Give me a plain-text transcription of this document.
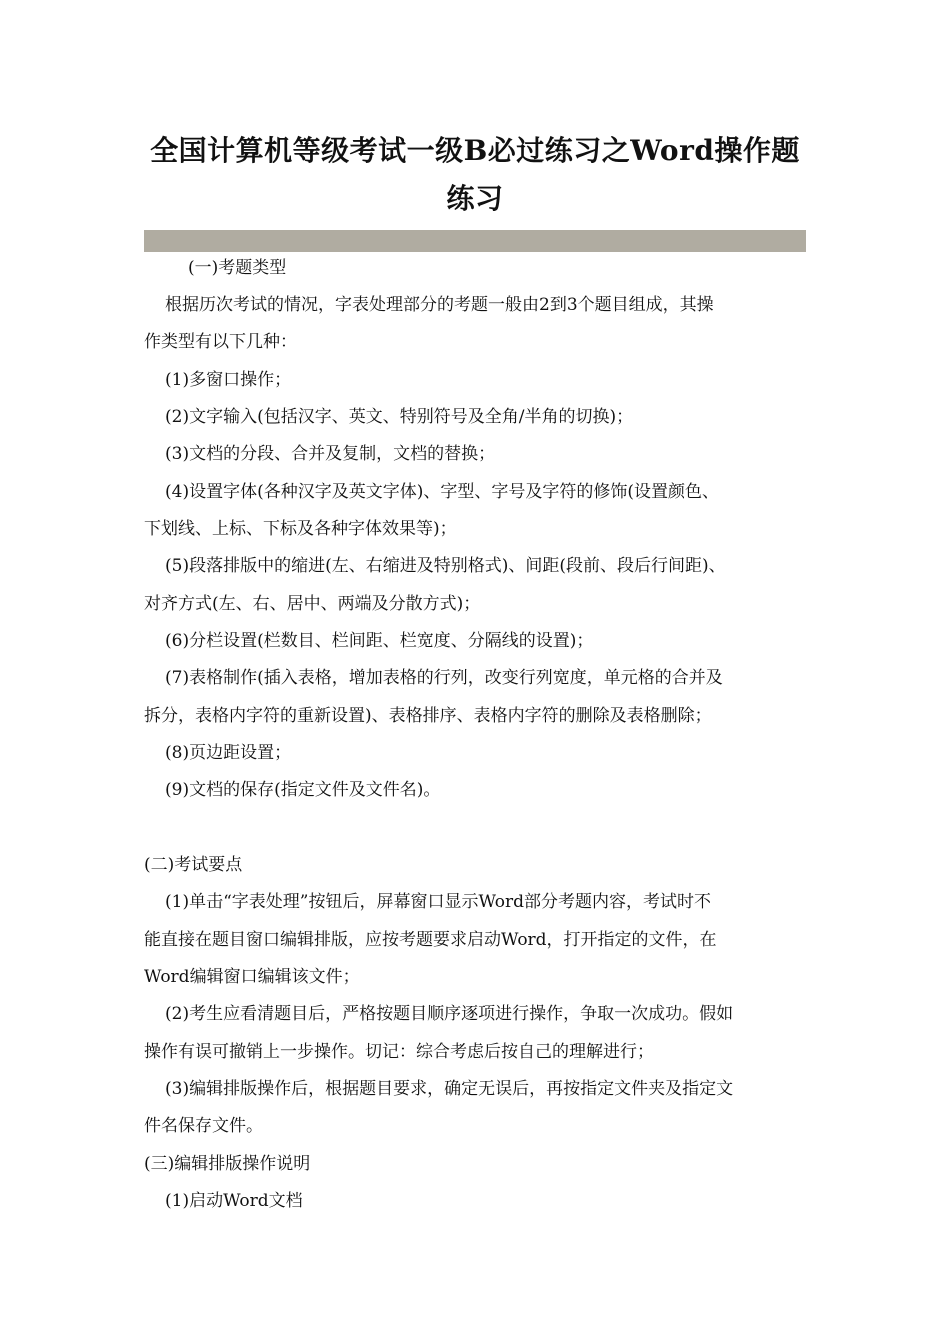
全国计算机等级考试一级B必过练习之Word操作题
练习

(一)考题类型

根据历次考试的情况，字表处理部分的考题一般由2到3个题目组成，其操

作类型有以下几种：

(1)多窗口操作；

(2)文字输入(包括汉字、英文、特别符号及全角/半角的切换)；

(3)文档的分段、合并及复制，文档的替换；

(4)设置字体(各种汉字及英文字体)、字型、字号及字符的修饰(设置颜色、

下划线、上标、下标及各种字体效果等)；

(5)段落排版中的缩进(左、右缩进及特别格式)、间距(段前、段后行间距)、

对齐方式(左、右、居中、两端及分散方式)；

(6)分栏设置(栏数目、栏间距、栏宽度、分隔线的设置)；

(7)表格制作(插入表格，增加表格的行列，改变行列宽度，单元格的合并及

拆分，表格内字符的重新设置)、表格排序、表格内字符的删除及表格删除；

(8)页边距设置；

(9)文档的保存(指定文件及文件名)。

(二)考试要点

(1)单击“字表处理”按钮后，屏幕窗口显示Word部分考题内容，考试时不

能直接在题目窗口编辑排版，应按考题要求启动Word，打开指定的文件，在

Word编辑窗口编辑该文件；

(2)考生应看清题目后，严格按题目顺序逐项进行操作，争取一次成功。假如

操作有误可撤销上一步操作。切记：综合考虑后按自己的理解进行；

(3)编辑排版操作后，根据题目要求，确定无误后，再按指定文件夹及指定文

件名保存文件。

(三)编辑排版操作说明

(1)启动Word文档
